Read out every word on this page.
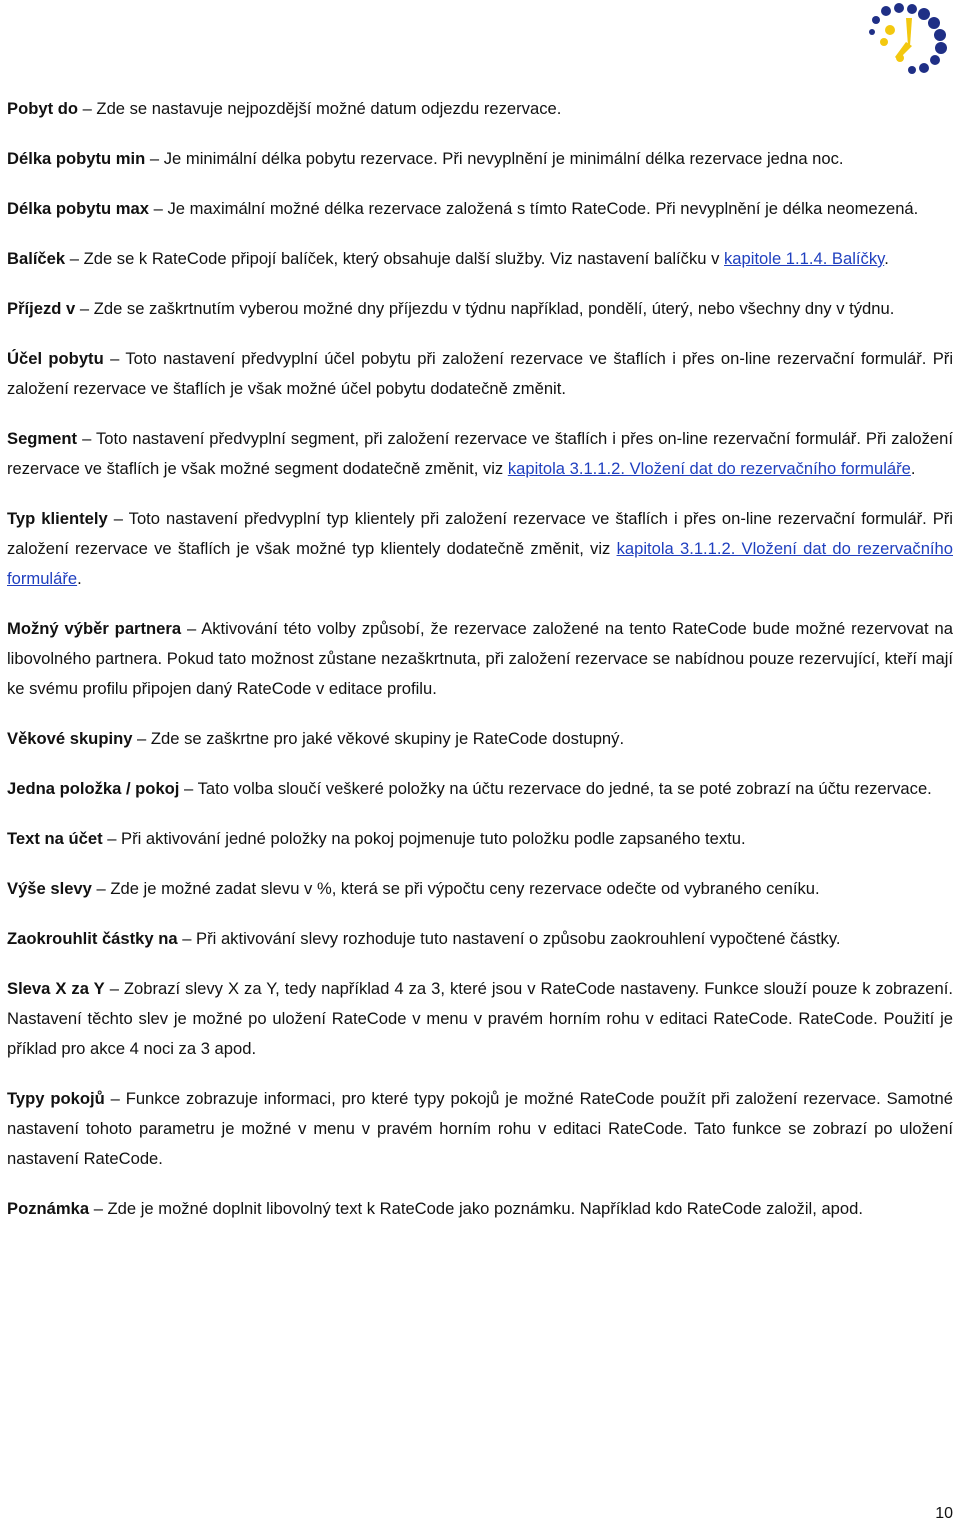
Pobyt do – Zde se nastavuje nejpozdější možné datum odjezdu rezervace.

Délka pobytu min – Je minimální délka pobytu rezervace. Při nevyplnění je minimální délka rezervace jedna noc.

Délka pobytu max – Je maximální možné délka rezervace založená s tímto RateCode. Při nevyplnění je délka neomezená.

Balíček – Zde se k RateCode připojí balíček, který obsahuje další služby. Viz nastavení balíčku v kapitole 1.1.4. Balíčky.

Příjezd v – Zde se zaškrtnutím vyberou možné dny příjezdu v týdnu například, pondělí, úterý, nebo všechny dny v týdnu.

Účel pobytu – Toto nastavení předvyplní účel pobytu při založení rezervace ve štaflích i přes on-line rezervační formulář. Při založení rezervace ve štaflích je však možné účel pobytu dodatečně změnit.

Segment – Toto nastavení předvyplní segment, při založení rezervace ve štaflích i přes on-line rezervační formulář. Při založení rezervace ve štaflích je však možné segment dodatečně změnit, viz kapitola 3.1.1.2. Vložení dat do rezervačního formuláře.

Typ klientely – Toto nastavení předvyplní typ klientely při založení rezervace ve štaflích i přes on-line rezervační formulář. Při založení rezervace ve štaflích je však možné typ klientely dodatečně změnit, viz kapitola 3.1.1.2. Vložení dat do rezervačního formuláře.

Možný výběr partnera – Aktivování této volby způsobí, že rezervace založené na tento RateCode bude možné rezervovat na libovolného partnera. Pokud tato možnost zůstane nezaškrtnuta, při založení rezervace se nabídnou pouze rezervující, kteří mají ke svému profilu připojen daný RateCode v editace profilu.

Věkové skupiny – Zde se zaškrtne pro jaké věkové skupiny je RateCode dostupný.

Jedna položka / pokoj – Tato volba sloučí veškeré položky na účtu rezervace do jedné, ta se poté zobrazí na účtu rezervace.

Text na účet – Při aktivování jedné položky na pokoj pojmenuje tuto položku podle zapsaného textu.

Výše slevy – Zde je možné zadat slevu v %, která se při výpočtu ceny rezervace odečte od vybraného ceníku.

Zaokrouhlit částky na – Při aktivování slevy rozhoduje tuto nastavení o způsobu zaokrouhlení vypočtené částky.

Sleva X za Y – Zobrazí slevy X za Y, tedy například 4 za 3, které jsou v RateCode nastaveny. Funkce slouží pouze k zobrazení. Nastavení těchto slev je možné po uložení RateCode v menu v pravém horním rohu v editaci RateCode. RateCode. Použití je příklad pro akce 4 noci za 3 apod.

Typy pokojů – Funkce zobrazuje informaci, pro které typy pokojů je možné RateCode použít při založení rezervace. Samotné nastavení tohoto parametru je možné v menu v pravém horním rohu v editaci RateCode. Tato funkce se zobrazí po uložení nastavení RateCode.

Poznámka – Zde je možné doplnit libovolný text k RateCode jako poznámku. Například kdo RateCode založil, apod.

10
